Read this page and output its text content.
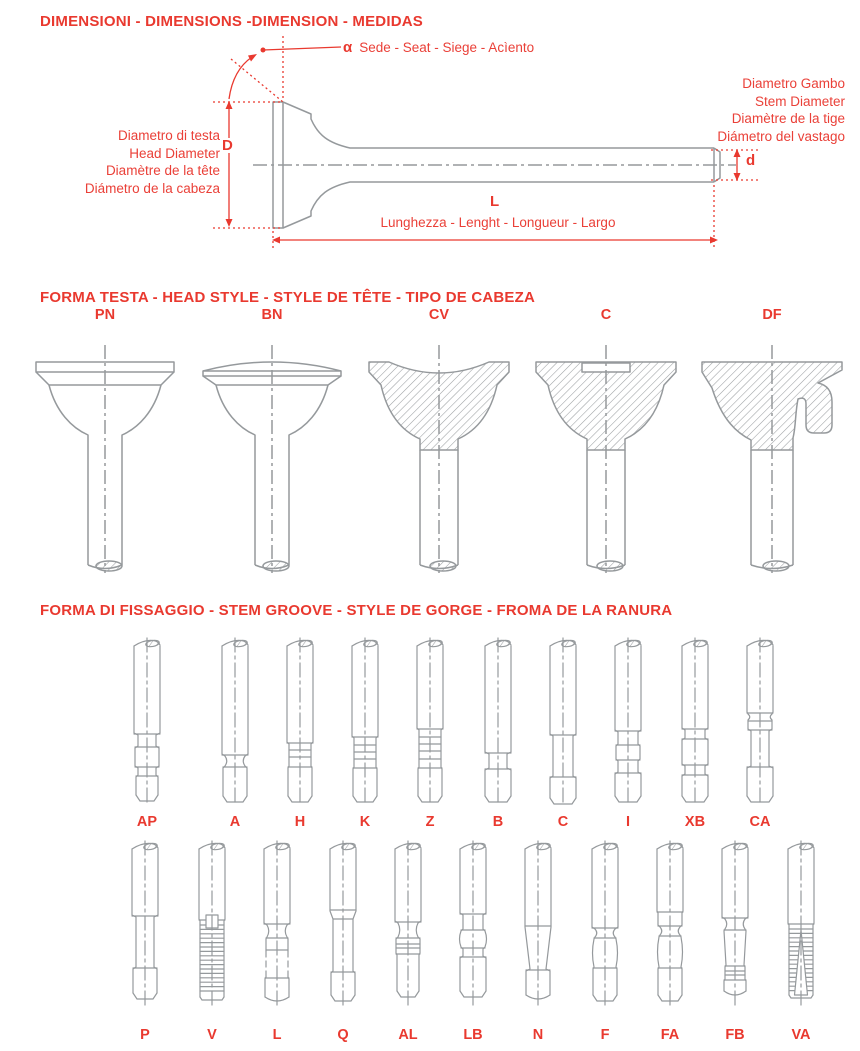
DIMENSIONI - DIMENSIONS -DIMENSION - MEDIDAS
α Sede - Seat - Siege - Acìento
Diametro di testa
Head Diameter
Diamètre de la tête
Diámetro de la cabeza
D
L
Lunghezza - Lenght - Longueur - Largo
d
Diametro Gambo
Stem Diameter
Diamètre de la tige
Diámetro del vastago
FORMA TESTA - HEAD STYLE - STYLE DE TÊTE - TIPO DE CABEZA
PN	BN	CV	C	DF
FORMA DI FISSAGGIO - STEM GROOVE - STYLE DE GORGE - FROMA DE LA RANURA
AP	A	H	K	Z	B	C	I	XB	CA
P	V	L	Q	AL	LB	N	F	FA	FB	VA
